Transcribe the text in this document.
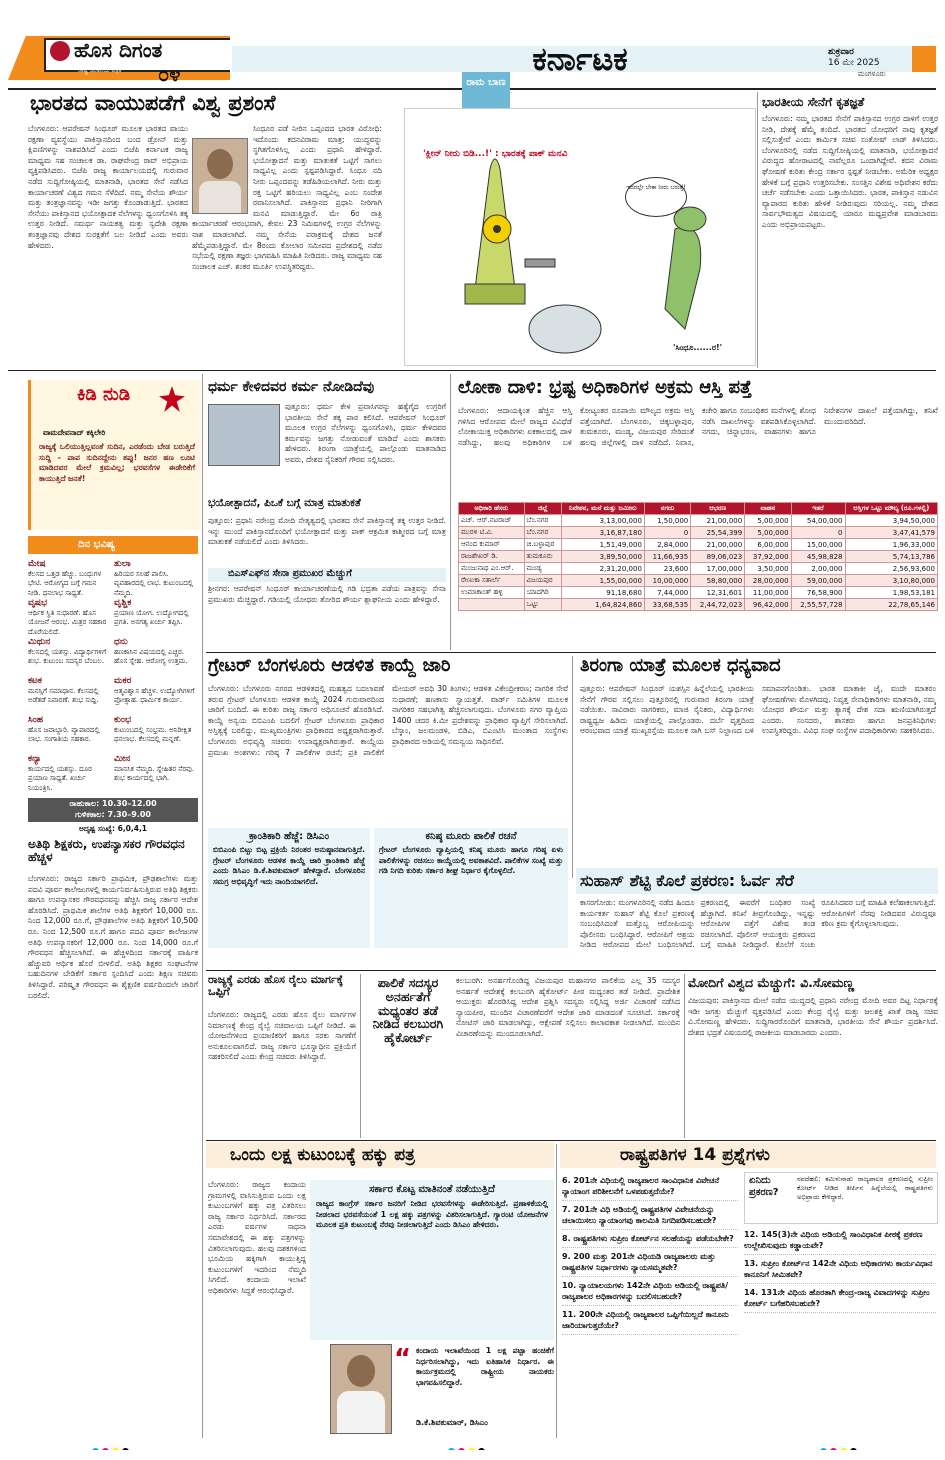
ಹೊಸ ದಿಗಂತ
ರಾಷ್ಟ್ರ ಚಿಂತನೆಯ ಪತ್ರಿಕೆ ೦೪	ಕರ್ನಾಟಕ	ಶುಕ್ರವಾರ
16 ಮೇ 2025
ಮಂಗಳೂರು
ಭಾರತದ ವಾಯುಪಡೆಗೆ ವಿಶ್ವ ಪ್ರಶಂಸೆ
ಬೆಂಗಳೂರು: ಆಪರೇಷನ್ ಸಿಂಧೂರ್ ಮೂಲಕ ಭಾರತದ ವಾಯು ರಕ್ಷಣಾ ವ್ಯವಸ್ಥೆಯು ಪಾಕಿಸ್ತಾನದಿಂದ ಬಂದ ಡ್ರೋನ್ ಮತ್ತು ಕ್ಷಿಪಣಿಗಳನ್ನು ನಾಶಪಡಿಸಿದೆ ಎಂದು ಬಿಜೆಪಿ ಕರ್ನಾಟಕ ರಾಜ್ಯ ಮಾಧ್ಯಮ ಸಹ ಸಂಚಾಲಕ ಡಾ. ರಾಘವೇಂದ್ರ ರಾವ್ ಅಭಿಪ್ರಾಯ ವ್ಯಕ್ತಿಪಡಿಸಿದರು. ಬಿಜೆಪಿ ರಾಜ್ಯ ಕಾರ್ಯಾಲಯದಲ್ಲಿ ಗುರುವಾರ ನಡೆದ ಸುದ್ದಿಗೋಷ್ಠಿಯಲ್ಲಿ ಮಾತನಾಡಿ, ಭಾರತದ ಸೇನೆ ನಡೆಸಿದ ಕಾರ್ಯಾಚರಣೆ ವಿಶ್ವದ ಗಮನ ಸೆಳೆದಿದೆ. ನಮ್ಮ ಸೇನೆಯ ಶೌರ್ಯ ಮತ್ತು ತಂತ್ರಜ್ಞಾನವನ್ನು ಇಡೀ ಜಗತ್ತು ಕೊಂಡಾಡುತ್ತಿದೆ. ಭಾರತದ ಸೇನೆಯು ಪಾಕಿಸ್ತಾನದ ಭಯೋತ್ಪಾದಕ ನೆಲೆಗಳನ್ನು ಧ್ವಂಸಗೊಳಿಸಿ ತಕ್ಕ ಉತ್ತರ ನೀಡಿದೆ. ಸಮರ್ಥ ನಾಯಕತ್ವ ಮತ್ತು ಸ್ವದೇಶಿ ರಕ್ಷಣಾ ತಂತ್ರಜ್ಞಾನವು ದೇಶದ ಸುರಕ್ಷತೆಗೆ ಬಲ ನೀಡಿದೆ ಎಂದು ಅವರು ಹೇಳಿದರು.
ಸಿಂಧೂರ ಪಡೆ ನೀರಿನ ಒಪ್ಪಂದದ ಭಾರತ ವಿರೋಧಿ: ಇದೊಂದು ಕದನವಿರಾಮ ಮಾತ್ರ; ಯುದ್ಧವನ್ನು ಸ್ಥಗಿತಗೊಳಿಸಿಲ್ಲ ಎಂದು ಪ್ರಧಾನಿ ಹೇಳಿದ್ದಾರೆ. ಭಯೋತ್ಪಾದನೆ ಮತ್ತು ಮಾತುಕತೆ ಒಟ್ಟಿಗೆ ಸಾಗಲು ಸಾಧ್ಯವಿಲ್ಲ ಎಂದು ಸ್ಪಷ್ಟಪಡಿಸಿದ್ದಾರೆ. ಸಿಂಧೂ ನದಿ ನೀರು ಒಪ್ಪಂದವನ್ನು ತಡೆಹಿಡಿಯಲಾಗಿದೆ. ನೀರು ಮತ್ತು ರಕ್ತ ಒಟ್ಟಿಗೆ ಹರಿಯಲು ಸಾಧ್ಯವಿಲ್ಲ ಎಂಬ ಸಂದೇಶ ರವಾನಿಸಲಾಗಿದೆ. ಪಾಕಿಸ್ತಾನದ ಪ್ರಧಾನಿ ನೀರಿಗಾಗಿ ಮನವಿ ಮಾಡುತ್ತಿದ್ದಾರೆ. ಮೇ 6ರ ರಾತ್ರಿ ಕಾರ್ಯಾಚರಣೆ ಆರಂಭವಾಗಿ, ಕೇವಲ 23 ನಿಮಿಷಗಳಲ್ಲಿ ಉಗ್ರರ ನೆಲೆಗಳನ್ನು ನಾಶ ಮಾಡಲಾಗಿದೆ. ನಮ್ಮ ಸೇನೆಯ ಪರಾಕ್ರಮಕ್ಕೆ ದೇಶದ ಜನತೆ ಹೆಮ್ಮೆಪಡುತ್ತಿದ್ದಾರೆ. ಮೇ 8ರಂದು ಕೋಲಾರ ಸಮೀಪದ ಪ್ರದೇಶದಲ್ಲಿ ನಡೆದ ಸಭೆಯಲ್ಲಿ ರಕ್ಷಣಾ ತಜ್ಞರು ಭಾಗವಹಿಸಿ ಮಾಹಿತಿ ನೀಡಿದರು. ರಾಜ್ಯ ಮಾಧ್ಯಮ ಸಹ ಸಂಚಾಲಕ ಎಚ್. ಶಂಕರ ಮೂರ್ತಿ ಉಪಸ್ಥಿತರಿದ್ದರು.
ರಾಮ ಬಾಣ
'ಕ್ಲೀನ್ ನೀರು ಬಿಡಿ...!' : ಭಾರತಕ್ಕೆ ಪಾಕ್ ಮನವಿ
ಇದರಲ್ಲೇ ಬೇಕಾ ನೀರು ಬರುತ್ತೆ!
'ಸಿಂಧೂ......ರ!'
ಭಾರತೀಯ ಸೇನೆಗೆ ಕೃತಜ್ಞತೆ
ಬೆಂಗಳೂರು: ನಮ್ಮ ಭಾರತದ ಸೇನೆಗೆ ಪಾಕಿಸ್ತಾನದ ಉಗ್ರರ ದಾಳಿಗೆ ಉತ್ತರ ನೀಡಿ, ದೇಶಕ್ಕೆ ಹೆಮ್ಮೆ ತಂದಿದೆ. ಭಾರತದ ಯೋಧರಿಗೆ ನಾವು ಕೃತಜ್ಞತೆ ಸಲ್ಲಿಸುತ್ತೇವೆ ಎಂದು ಕಾರ್ಮಿಕ ಸಚಿವ ಸಂತೋಷ್ ಲಾಡ್ ತಿಳಿಸಿದರು. ಬೆಂಗಳೂರಿನಲ್ಲಿ ನಡೆದ ಸುದ್ದಿಗೋಷ್ಠಿಯಲ್ಲಿ ಮಾತನಾಡಿ, ಭಯೋತ್ಪಾದನೆ ವಿರುದ್ಧದ ಹೋರಾಟದಲ್ಲಿ ನಾವೆಲ್ಲರೂ ಒಂದಾಗಿದ್ದೇವೆ. ಕದನ ವಿರಾಮ ಘೋಷಣೆ ಕುರಿತು ಕೇಂದ್ರ ಸರ್ಕಾರ ಸ್ಪಷ್ಟತೆ ನೀಡಬೇಕು. ಅಮೆರಿಕ ಅಧ್ಯಕ್ಷರ ಹೇಳಿಕೆ ಬಗ್ಗೆ ಪ್ರಧಾನಿ ಉತ್ತರಿಸಬೇಕು. ಸಂಸತ್ತಿನ ವಿಶೇಷ ಅಧಿವೇಶನ ಕರೆದು ಚರ್ಚೆ ನಡೆಸಬೇಕು ಎಂದು ಒತ್ತಾಯಿಸಿದರು. ಭಾರತ, ಪಾಕಿಸ್ತಾನ ನಡುವಿನ ವ್ಯಾಪಾರದ ಕುರಿತು ಹೇಳಿಕೆ ನೀಡಿರುವುದು ಸರಿಯಲ್ಲ. ನಮ್ಮ ದೇಶದ ಸಾರ್ವಭೌಮತ್ವದ ವಿಷಯದಲ್ಲಿ ಯಾರೂ ಮಧ್ಯಪ್ರವೇಶ ಮಾಡಬಾರದು ಎಂದು ಅಭಿಪ್ರಾಯಪಟ್ಟರು.
ಕಿಡಿ ನುಡಿ
ವಾಮದೇವನಾದ್ ಕಕ್ಕಿಲೇರಿ
ರಾಜ್ಯಕ್ಕೆ ಒಲಿಯುತ್ತಿಲ್ಲವಂತೆ ಸುದಿನ, ಎರಡೆಂದು ಬೇಡ ಬರುತ್ತಿದೆ ಸುದ್ದಿ – ಪಾಪ ಸುದಿನದ್ದೇನು ತಪ್ಪು! ಜನರ ಹಣ ಲೂಟಿ ಮಾಡಿದವರ ಮೇಲೆ ಕ್ರಮವಿಲ್ಲ; ಭರವಸೆಗಳ ಈಡೇರಿಕೆಗೆ ಕಾಯುತ್ತಿದೆ ಜನತೆ!
ದಿನ ಭವಿಷ್ಯ
ಮೇಷ
ಕೆಲಸದ ಒತ್ತಡ ಹೆಚ್ಚು. ಬಂಧುಗಳ ಭೇಟಿ. ಆರೋಗ್ಯದ ಬಗ್ಗೆ ಗಮನ ನೀಡಿ. ಧನಲಾಭ ಸಾಧ್ಯತೆ.
ತುಲಾ
ಹಿರಿಯರ ಸಲಹೆ ಪಾಲಿಸಿ. ವ್ಯವಹಾರದಲ್ಲಿ ಲಾಭ. ಕುಟುಂಬದಲ್ಲಿ ನೆಮ್ಮದಿ.
ವೃಷಭ
ಆರ್ಥಿಕ ಸ್ಥಿತಿ ಸುಧಾರಣೆ. ಹೊಸ ಯೋಜನೆ ಆರಂಭ. ಮಿತ್ರರ ಸಹಕಾರ ದೊರೆಯಲಿದೆ.
ವೃಶ್ಚಿಕ
ಪ್ರಯಾಣ ಯೋಗ. ಉದ್ಯೋಗದಲ್ಲಿ ಪ್ರಗತಿ. ಅನಗತ್ಯ ಖರ್ಚು ತಪ್ಪಿಸಿ.
ಮಿಥುನ
ಕೆಲಸದಲ್ಲಿ ಯಶಸ್ಸು. ವಿದ್ಯಾರ್ಥಿಗಳಿಗೆ ಶುಭ. ಕುಟುಂಬ ಸದಸ್ಯರ ಬೆಂಬಲ.
ಧನು
ಹಣಕಾಸಿನ ವಿಷಯದಲ್ಲಿ ಎಚ್ಚರ. ಹೊಸ ಸ್ನೇಹ. ಆರೋಗ್ಯ ಉತ್ತಮ.
ಕಟಕ
ಮನಸ್ಸಿಗೆ ಸಮಾಧಾನ. ಕೆಲಸದಲ್ಲಿ ಅಡೆತಡೆ ನಿವಾರಣೆ. ಶುಭ ಸುದ್ದಿ.
ಮಕರ
ಆತ್ಮವಿಶ್ವಾಸ ಹೆಚ್ಚಳ. ಉದ್ಯೋಗಿಗಳಿಗೆ ಪ್ರೋತ್ಸಾಹ. ಧಾರ್ಮಿಕ ಕಾರ್ಯ.
ಸಿಂಹ
ಹೊಸ ಜವಾಬ್ದಾರಿ. ವ್ಯಾಪಾರದಲ್ಲಿ ಲಾಭ. ಸಂಗಾತಿಯ ಸಹಕಾರ.
ಕುಂಭ
ಕುಟುಂಬದಲ್ಲಿ ಸಂಭ್ರಮ. ಅನಿರೀಕ್ಷಿತ ಧನಲಾಭ. ಕೆಲಸದಲ್ಲಿ ಮನ್ನಣೆ.
ಕನ್ಯಾ
ಕಾರ್ಯದಲ್ಲಿ ಯಶಸ್ಸು. ದೂರ ಪ್ರಯಾಣ ಸಾಧ್ಯತೆ. ಖರ್ಚು ನಿಯಂತ್ರಿಸಿ.
ಮೀನ
ಮಾನಸಿಕ ನೆಮ್ಮದಿ. ಸ್ನೇಹಿತರ ನೆರವು. ಶುಭ ಕಾರ್ಯದಲ್ಲಿ ಭಾಗಿ.
ರಾಹುಕಾಲ: 10.30–12.00
ಗುಳಿಕಕಾಲ: 7.30–9.00
ಅದೃಷ್ಟ ಸಂಖ್ಯೆ: 6,0,4,1
ಅತಿಥಿ ಶಿಕ್ಷಕರು, ಉಪನ್ಯಾಸಕರ ಗೌರವಧನ ಹೆಚ್ಚಳ
ಬೆಂಗಳೂರು: ರಾಜ್ಯದ ಸರ್ಕಾರಿ ಪ್ರಾಥಮಿಕ, ಪ್ರೌಢಶಾಲೆಗಳು ಮತ್ತು ಪದವಿ ಪೂರ್ವ ಕಾಲೇಜುಗಳಲ್ಲಿ ಕಾರ್ಯನಿರ್ವಹಿಸುತ್ತಿರುವ ಅತಿಥಿ ಶಿಕ್ಷಕರು ಹಾಗೂ ಉಪನ್ಯಾಸಕರ ಗೌರವಧನವನ್ನು ಹೆಚ್ಚಿಸಿ ರಾಜ್ಯ ಸರ್ಕಾರ ಆದೇಶ ಹೊರಡಿಸಿದೆ. ಪ್ರಾಥಮಿಕ ಶಾಲೆಗಳ ಅತಿಥಿ ಶಿಕ್ಷಕರಿಗೆ 10,000 ರೂ. ನಿಂದ 12,000 ರೂ.ಗೆ, ಪ್ರೌಢಶಾಲೆಗಳ ಅತಿಥಿ ಶಿಕ್ಷಕರಿಗೆ 10,500 ರೂ. ನಿಂದ 12,500 ರೂ.ಗೆ ಹಾಗೂ ಪದವಿ ಪೂರ್ವ ಕಾಲೇಜುಗಳ ಅತಿಥಿ ಉಪನ್ಯಾಸಕರಿಗೆ 12,000 ರೂ. ನಿಂದ 14,000 ರೂ.ಗೆ ಗೌರವಧನ ಹೆಚ್ಚಿಸಲಾಗಿದೆ. ಈ ಹೆಚ್ಚಳದಿಂದ ಸರ್ಕಾರಕ್ಕೆ ವಾರ್ಷಿಕ ಹೆಚ್ಚುವರಿ ಆರ್ಥಿಕ ಹೊರೆ ಬೀಳಲಿದೆ. ಅತಿಥಿ ಶಿಕ್ಷಕರ ಸಂಘಟನೆಗಳ ಬಹುದಿನಗಳ ಬೇಡಿಕೆಗೆ ಸರ್ಕಾರ ಸ್ಪಂದಿಸಿದೆ ಎಂದು ಶಿಕ್ಷಣ ಸಚಿವರು ತಿಳಿಸಿದ್ದಾರೆ. ಪರಿಷ್ಕೃತ ಗೌರವಧನ ಈ ಶೈಕ್ಷಣಿಕ ವರ್ಷದಿಂದಲೇ ಜಾರಿಗೆ ಬರಲಿದೆ.
ಧರ್ಮ ಕೇಳಿದವರ ಕರ್ಮ ನೋಡಿದೆವು
ಪುತ್ತೂರು: ಧರ್ಮ ಕೇಳಿ ಪ್ರವಾಸಿಗರನ್ನು ಹತ್ಯೆಗೈದ ಉಗ್ರರಿಗೆ ಭಾರತೀಯ ಸೇನೆ ತಕ್ಕ ಪಾಠ ಕಲಿಸಿದೆ. ಆಪರೇಷನ್ ಸಿಂಧೂರ್ ಮೂಲಕ ಉಗ್ರರ ನೆಲೆಗಳನ್ನು ಧ್ವಂಸಗೊಳಿಸಿ, ಧರ್ಮ ಕೇಳಿದವರ ಕರ್ಮವನ್ನು ಜಗತ್ತು ನೋಡುವಂತೆ ಮಾಡಿದೆ ಎಂದು ಶಾಸಕರು ಹೇಳಿದರು. ತಿರಂಗಾ ಯಾತ್ರೆಯಲ್ಲಿ ಪಾಲ್ಗೊಂಡು ಮಾತನಾಡಿದ ಅವರು, ದೇಶದ ಸೈನಿಕರಿಗೆ ಗೌರವ ಸಲ್ಲಿಸಿದರು.
ಭಯೋತ್ಪಾದನೆ, ಪಿಒಕೆ ಬಗ್ಗೆ ಮಾತ್ರ ಮಾತುಕತೆ
ಪುತ್ತೂರು: ಪ್ರಧಾನಿ ನರೇಂದ್ರ ಮೋದಿ ನೇತೃತ್ವದಲ್ಲಿ ಭಾರತದ ಸೇನೆ ಪಾಕಿಸ್ತಾನಕ್ಕೆ ತಕ್ಕ ಉತ್ತರ ನೀಡಿದೆ. ಇನ್ನು ಮುಂದೆ ಪಾಕಿಸ್ತಾನದೊಂದಿಗೆ ಭಯೋತ್ಪಾದನೆ ಮತ್ತು ಪಾಕ್ ಆಕ್ರಮಿತ ಕಾಶ್ಮೀರದ ಬಗ್ಗೆ ಮಾತ್ರ ಮಾತುಕತೆ ನಡೆಯಲಿದೆ ಎಂದು ತಿಳಿಸಿದರು.
ಬಿಎಸ್ಎಫ್‌ನ ಸೇನಾ ಪ್ರಮುಖರ ಮೆಚ್ಚುಗೆ
ಶ್ರೀನಗರ: ಆಪರೇಷನ್ ಸಿಂಧೂರ್ ಕಾರ್ಯಾಚರಣೆಯಲ್ಲಿ ಗಡಿ ಭದ್ರತಾ ಪಡೆಯ ಪಾತ್ರವನ್ನು ಸೇನಾ ಪ್ರಮುಖರು ಮೆಚ್ಚಿದ್ದಾರೆ. ಗಡಿಯಲ್ಲಿ ಯೋಧರು ತೋರಿದ ಶೌರ್ಯ ಶ್ಲಾಘನೀಯ ಎಂದು ಹೇಳಿದ್ದಾರೆ.
ಲೋಕಾ ದಾಳಿ: ಭ್ರಷ್ಟ ಅಧಿಕಾರಿಗಳ ಅಕ್ರಮ ಆಸ್ತಿ ಪತ್ತೆ
ಬೆಂಗಳೂರು: ಆದಾಯಕ್ಕಿಂತ ಹೆಚ್ಚಿನ ಆಸ್ತಿ ಗಳಿಸಿದ ಆರೋಪದ ಮೇಲೆ ರಾಜ್ಯದ ವಿವಿಧೆಡೆ ಲೋಕಾಯುಕ್ತ ಅಧಿಕಾರಿಗಳು ಏಕಕಾಲದಲ್ಲಿ ದಾಳಿ ನಡೆಸಿದ್ದು, ಹಲವು ಅಧಿಕಾರಿಗಳ ಬಳಿ ಕೋಟ್ಯಂತರ ರೂಪಾಯಿ ಮೌಲ್ಯದ ಅಕ್ರಮ ಆಸ್ತಿ ಪತ್ತೆಯಾಗಿದೆ. ಬೆಂಗಳೂರು, ಚಿಕ್ಕಬಳ್ಳಾಪುರ, ತುಮಕೂರು, ಮಂಡ್ಯ, ವಿಜಯಪುರ ಸೇರಿದಂತೆ ಹಲವು ಜಿಲ್ಲೆಗಳಲ್ಲಿ ದಾಳಿ ನಡೆದಿದೆ. ನಿವಾಸ, ಕಚೇರಿ ಹಾಗೂ ಸಂಬಂಧಿಕರ ಮನೆಗಳಲ್ಲಿ ಶೋಧ ನಡೆಸಿ ದಾಖಲೆಗಳನ್ನು ವಶಪಡಿಸಿಕೊಳ್ಳಲಾಗಿದೆ. ನಗದು, ಚಿನ್ನಾಭರಣ, ವಾಹನಗಳು ಹಾಗೂ ನಿವೇಶನಗಳ ದಾಖಲೆ ಪತ್ತೆಯಾಗಿದ್ದು, ತನಿಖೆ ಮುಂದುವರಿದಿದೆ.
ಅಧಿಕಾರಿ ಹೆಸರು	ಜಿಲ್ಲೆ	ನಿವೇಶನ, ಮನೆ ಮತ್ತು ಜಮೀನು	ನಗದು	ಆಭರಣ	ವಾಹನ	ಇತರೆ	ಆಸ್ತಿಗಳ ಒಟ್ಟು ಮೌಲ್ಯ (ರೂ.ಗಳಲ್ಲಿ)
ಎಚ್. ಆರ್.ನಟರಾಜ್	ಬೆಂ.ನಗರ	3,13,00,000	1,50,000	21,00,000	5,00,000	54,00,000	3,94,50,000
ಮುರಳಿ ಟಿ.ವಿ.	ಬೆಂ.ನಗರ	3,16,87,180	0	25,54,399	5,00,000	0	3,47,41,579
ಆನಂದ ಕುಮಾರ್	ಚಿ.ಬಳ್ಳಾಪುರ	1,51,49,000	2,84,000	21,00,000	6,00,000	15,00,000	1,96,33,000
ರಾಜಶೇಖರ್ ಡಿ.	ತುಮಕೂರು	3,89,50,000	11,66,935	89,06,023	37,92,000	45,98,828	5,74,13,786
ಮಂಜುನಾಥ ಎಂ.ಆರ್.	ಮಂಡ್ಯ	2,31,20,000	23,600	17,00,000	3,50,000	2,00,000	2,56,93,600
ರೇಣುಕಾ ಸತಾರ್ಲೆ	ವಿಜಯಪುರ	1,55,00,000	10,00,000	58,80,000	28,00,000	59,00,000	3,10,80,000
ಉಮಾಕಾಂತ್ ಹಳ್ಳಿ	ಯಾದಗಿರಿ	91,18,680	7,44,000	12,31,601	11,00,000	76,58,900	1,98,53,181
	ಒಟ್ಟು	1,64,824,860	33,68,535	2,44,72,023	96,42,000	2,55,57,728	22,78,65,146
ಗ್ರೇಟರ್ ಬೆಂಗಳೂರು ಆಡಳಿತ ಕಾಯ್ದೆ ಜಾರಿ
ಬೆಂಗಳೂರು: ಬೆಂಗಳೂರು ನಗರದ ಆಡಳಿತದಲ್ಲಿ ಮಹತ್ವದ ಬದಲಾವಣೆ ತರುವ ಗ್ರೇಟರ್ ಬೆಂಗಳೂರು ಆಡಳಿತ ಕಾಯ್ದೆ 2024 ಗುರುವಾರದಿಂದ ಜಾರಿಗೆ ಬಂದಿದೆ. ಈ ಕುರಿತು ರಾಜ್ಯ ಸರ್ಕಾರ ಅಧಿಸೂಚನೆ ಹೊರಡಿಸಿದೆ. ಕಾಯ್ದೆ ಅನ್ವಯ ಬಿಬಿಎಂಪಿ ಬದಲಿಗೆ ಗ್ರೇಟರ್ ಬೆಂಗಳೂರು ಪ್ರಾಧಿಕಾರ ಅಸ್ತಿತ್ವಕ್ಕೆ ಬರಲಿದ್ದು, ಮುಖ್ಯಮಂತ್ರಿಗಳು ಪ್ರಾಧಿಕಾರದ ಅಧ್ಯಕ್ಷರಾಗಿರುತ್ತಾರೆ. ಬೆಂಗಳೂರು ಅಭಿವೃದ್ಧಿ ಸಚಿವರು ಉಪಾಧ್ಯಕ್ಷರಾಗಿರುತ್ತಾರೆ. ಕಾಯ್ದೆಯ ಪ್ರಮುಖ ಅಂಶಗಳು: ಗರಿಷ್ಠ 7 ಪಾಲಿಕೆಗಳ ರಚನೆ; ಪ್ರತಿ ಪಾಲಿಕೆಗೆ ಮೇಯರ್ ಅವಧಿ 30 ತಿಂಗಳು; ಆಡಳಿತ ವಿಕೇಂದ್ರೀಕರಣ; ನಾಗರಿಕ ಸೇವೆ ಸುಧಾರಣೆ; ಹಣಕಾಸು ಸ್ವಾಯತ್ತತೆ. ವಾರ್ಡ್ ಸಮಿತಿಗಳ ಮೂಲಕ ನಾಗರಿಕರ ಸಹಭಾಗಿತ್ವ ಹೆಚ್ಚಿಸಲಾಗುವುದು. ಬೆಂಗಳೂರು ನಗರ ವ್ಯಾಪ್ತಿಯ 1400 ಚದರ ಕಿ.ಮೀ ಪ್ರದೇಶವನ್ನು ಪ್ರಾಧಿಕಾರ ವ್ಯಾಪ್ತಿಗೆ ಸೇರಿಸಲಾಗಿದೆ. ಬೆಸ್ಕಾಂ, ಜಲಮಂಡಳಿ, ಬಿಡಿಎ, ಬಿಎಂಟಿಸಿ ಮುಂತಾದ ಸಂಸ್ಥೆಗಳು ಪ್ರಾಧಿಕಾರದ ಅಡಿಯಲ್ಲಿ ಸಮನ್ವಯ ಸಾಧಿಸಲಿವೆ.
ಕ್ರಾಂತಿಕಾರಿ ಹೆಜ್ಜೆ: ಡಿಸಿಎಂ
ಬಿಬಿಎಂಪಿ ಬಿಟ್ಟು ಬಿಟ್ಟ ಪ್ರಕ್ರಿಯೆ ನಿರಂತರ ಅನುಷ್ಠಾನವಾಗುತ್ತಿದೆ. ಗ್ರೇಟರ್ ಬೆಂಗಳೂರು ಆಡಳಿತ ಕಾಯ್ದೆ ಜಾರಿ ಕ್ರಾಂತಿಕಾರಿ ಹೆಜ್ಜೆ ಎಂದು ಡಿಸಿಎಂ ಡಿ.ಕೆ.ಶಿವಕುಮಾರ್ ಹೇಳಿದ್ದಾರೆ. ಬೆಂಗಳೂರಿನ ಸಮಗ್ರ ಅಭಿವೃದ್ಧಿಗೆ ಇದು ನಾಂದಿಯಾಗಲಿದೆ.
ಕನಿಷ್ಠ ಮೂರು ಪಾಲಿಕೆ ರಚನೆ
ಗ್ರೇಟರ್ ಬೆಂಗಳೂರು ವ್ಯಾಪ್ತಿಯಲ್ಲಿ ಕನಿಷ್ಠ ಮೂರು ಹಾಗೂ ಗರಿಷ್ಠ ಏಳು ಪಾಲಿಕೆಗಳನ್ನು ರಚಿಸಲು ಕಾಯ್ದೆಯಲ್ಲಿ ಅವಕಾಶವಿದೆ. ಪಾಲಿಕೆಗಳ ಸಂಖ್ಯೆ ಮತ್ತು ಗಡಿ ನಿಗದಿ ಕುರಿತು ಸರ್ಕಾರ ಶೀಘ್ರ ನಿರ್ಧಾರ ಕೈಗೊಳ್ಳಲಿದೆ.
ತಿರಂಗಾ ಯಾತ್ರೆ ಮೂಲಕ ಧನ್ಯವಾದ
ಪುತ್ತೂರು: ಆಪರೇಷನ್ ಸಿಂಧೂರ್ ಯಶಸ್ಸಿನ ಹಿನ್ನೆಲೆಯಲ್ಲಿ ಭಾರತೀಯ ಸೇನೆಗೆ ಗೌರವ ಸಲ್ಲಿಸಲು ಪುತ್ತೂರಿನಲ್ಲಿ ಗುರುವಾರ ತಿರಂಗಾ ಯಾತ್ರೆ ನಡೆಯಿತು. ಸಾವಿರಾರು ನಾಗರಿಕರು, ಮಾಜಿ ಸೈನಿಕರು, ವಿದ್ಯಾರ್ಥಿಗಳು ರಾಷ್ಟ್ರಧ್ವಜ ಹಿಡಿದು ಯಾತ್ರೆಯಲ್ಲಿ ಪಾಲ್ಗೊಂಡರು. ದರ್ಬೆ ವೃತ್ತದಿಂದ ಆರಂಭವಾದ ಯಾತ್ರೆ ಮುಖ್ಯರಸ್ತೆಯ ಮೂಲಕ ಸಾಗಿ ಬಸ್ ನಿಲ್ದಾಣದ ಬಳಿ ಸಮಾಪನಗೊಂಡಿತು. ಭಾರತ ಮಾತಾಕೀ ಜೈ, ವಂದೇ ಮಾತರಂ ಘೋಷಣೆಗಳು ಮೊಳಗಿದವು. ನಿವೃತ್ತ ಸೇನಾಧಿಕಾರಿಗಳು ಮಾತನಾಡಿ, ನಮ್ಮ ಯೋಧರ ಶೌರ್ಯ ಮತ್ತು ತ್ಯಾಗಕ್ಕೆ ದೇಶ ಸದಾ ಋಣಿಯಾಗಿರುತ್ತದೆ ಎಂದರು. ಸಂಸದರು, ಶಾಸಕರು ಹಾಗೂ ಜನಪ್ರತಿನಿಧಿಗಳು ಉಪಸ್ಥಿತರಿದ್ದರು. ವಿವಿಧ ಸಂಘ ಸಂಸ್ಥೆಗಳ ಪದಾಧಿಕಾರಿಗಳು ಸಹಕರಿಸಿದರು.
ಸುಹಾಸ್ ಶೆಟ್ಟಿ ಕೊಲೆ ಪ್ರಕರಣ: ಓರ್ವ ಸೆರೆ
ಕಾಸರಗೋಡು: ಮಂಗಳೂರಿನಲ್ಲಿ ನಡೆದ ಹಿಂದೂ ಕಾರ್ಯಕರ್ತ ಸುಹಾಸ್ ಶೆಟ್ಟಿ ಕೊಲೆ ಪ್ರಕರಣಕ್ಕೆ ಸಂಬಂಧಿಸಿದಂತೆ ಮತ್ತೊಬ್ಬ ಆರೋಪಿಯನ್ನು ಪೊಲೀಸರು ಬಂಧಿಸಿದ್ದಾರೆ. ಆರೋಪಿಗೆ ಆಶ್ರಯ ನೀಡಿದ ಆರೋಪದ ಮೇಲೆ ಬಂಧಿಸಲಾಗಿದೆ. ಪ್ರಕರಣದಲ್ಲಿ ಈವರೆಗೆ ಬಂಧಿತರ ಸಂಖ್ಯೆ ಹೆಚ್ಚಾಗಿದೆ. ತನಿಖೆ ತೀವ್ರಗೊಂಡಿದ್ದು, ಇನ್ನಷ್ಟು ಆರೋಪಿಗಳ ಪತ್ತೆಗೆ ವಿಶೇಷ ತಂಡ ರಚಿಸಲಾಗಿದೆ. ಪೊಲೀಸ್ ಆಯುಕ್ತರು ಪ್ರಕರಣದ ಬಗ್ಗೆ ಮಾಹಿತಿ ನೀಡಿದ್ದಾರೆ. ಕೊಲೆಗೆ ಸಂಚು ರೂಪಿಸಿದವರ ಬಗ್ಗೆ ಮಾಹಿತಿ ಕಲೆಹಾಕಲಾಗುತ್ತಿದೆ. ಆರೋಪಿಗಳಿಗೆ ನೆರವು ನೀಡಿದವರ ವಿರುದ್ಧವೂ ಕಠಿಣ ಕ್ರಮ ಕೈಗೊಳ್ಳಲಾಗುವುದು.
ರಾಜ್ಯಕ್ಕೆ ಎರಡು ಹೊಸ ರೈಲು ಮಾರ್ಗಕ್ಕೆ ಒಪ್ಪಿಗೆ
ಬೆಂಗಳೂರು: ರಾಜ್ಯದಲ್ಲಿ ಎರಡು ಹೊಸ ರೈಲು ಮಾರ್ಗಗಳ ನಿರ್ಮಾಣಕ್ಕೆ ಕೇಂದ್ರ ರೈಲ್ವೆ ಸಚಿವಾಲಯ ಒಪ್ಪಿಗೆ ನೀಡಿದೆ. ಈ ಯೋಜನೆಗಳಿಂದ ಪ್ರಯಾಣಿಕರಿಗೆ ಹಾಗೂ ಸರಕು ಸಾಗಣೆಗೆ ಅನುಕೂಲವಾಗಲಿದೆ. ರಾಜ್ಯ ಸರ್ಕಾರ ಭೂಸ್ವಾಧೀನ ಪ್ರಕ್ರಿಯೆಗೆ ಸಹಕರಿಸಲಿದೆ ಎಂದು ಕೇಂದ್ರ ಸಚಿವರು ತಿಳಿಸಿದ್ದಾರೆ.
ಪಾಲಿಕೆ ಸದಸ್ಯರ ಅನರ್ಹತೆಗೆ ಮಧ್ಯಂತರ ತಡೆ ನೀಡಿದ ಕಲಬುರಗಿ ಹೈಕೋರ್ಟ್
ಕಲಬುರಗಿ: ಅನರ್ಹಗೊಂಡಿದ್ದ ವಿಜಯಪುರ ಮಹಾನಗರ ಪಾಲಿಕೆಯ ಎಲ್ಲ 35 ಸದಸ್ಯರ ಅನರ್ಹತೆ ಆದೇಶಕ್ಕೆ ಕಲಬುರಗಿ ಹೈಕೋರ್ಟ್ ಪೀಠ ಮಧ್ಯಂತರ ತಡೆ ನೀಡಿದೆ. ಪ್ರಾದೇಶಿಕ ಆಯುಕ್ತರು ಹೊರಡಿಸಿದ್ದ ಆದೇಶ ಪ್ರಶ್ನಿಸಿ ಸದಸ್ಯರು ಸಲ್ಲಿಸಿದ್ದ ಅರ್ಜಿ ವಿಚಾರಣೆ ನಡೆಸಿದ ನ್ಯಾಯಪೀಠ, ಮುಂದಿನ ವಿಚಾರಣೆವರೆಗೆ ಆದೇಶ ಜಾರಿ ಮಾಡದಂತೆ ಸೂಚಿಸಿದೆ. ಸರ್ಕಾರಕ್ಕೆ ನೋಟಿಸ್ ಜಾರಿ ಮಾಡಲಾಗಿದ್ದು, ಆಕ್ಷೇಪಣೆ ಸಲ್ಲಿಸಲು ಕಾಲಾವಕಾಶ ನೀಡಲಾಗಿದೆ. ಮುಂದಿನ ವಿಚಾರಣೆಯನ್ನು ಮುಂದೂಡಲಾಗಿದೆ.
ಮೋದಿಗೆ ವಿಶ್ವದ ಮೆಚ್ಚುಗೆ: ವಿ.ಸೋಮಣ್ಣ
ವಿಜಯಪುರ: ಪಾಕಿಸ್ತಾನದ ಮೇಲೆ ನಡೆದ ಯುದ್ಧದಲ್ಲಿ ಪ್ರಧಾನಿ ನರೇಂದ್ರ ಮೋದಿ ಅವರ ದಿಟ್ಟ ನಿರ್ಧಾರಕ್ಕೆ ಇಡೀ ಜಗತ್ತು ಮೆಚ್ಚುಗೆ ವ್ಯಕ್ತಪಡಿಸಿದೆ ಎಂದು ಕೇಂದ್ರ ರೈಲ್ವೆ ಮತ್ತು ಜಲಶಕ್ತಿ ಖಾತೆ ರಾಜ್ಯ ಸಚಿವ ವಿ.ಸೋಮಣ್ಣ ಹೇಳಿದರು. ಸುದ್ದಿಗಾರರೊಂದಿಗೆ ಮಾತನಾಡಿ, ಭಾರತೀಯ ಸೇನೆ ಶೌರ್ಯ ಪ್ರದರ್ಶಿಸಿದೆ. ದೇಶದ ಭದ್ರತೆ ವಿಷಯದಲ್ಲಿ ರಾಜಕೀಯ ಮಾಡಬಾರದು ಎಂದರು.
ಒಂದು ಲಕ್ಷ ಕುಟುಂಬಕ್ಕೆ ಹಕ್ಕು ಪತ್ರ
ಬೆಂಗಳೂರು: ರಾಜ್ಯದ ಕಂದಾಯ ಗ್ರಾಮಗಳಲ್ಲಿ ವಾಸಿಸುತ್ತಿರುವ ಒಂದು ಲಕ್ಷ ಕುಟುಂಬಗಳಿಗೆ ಹಕ್ಕು ಪತ್ರ ವಿತರಿಸಲು ರಾಜ್ಯ ಸರ್ಕಾರ ನಿರ್ಧರಿಸಿದೆ. ಸರ್ಕಾರದ ಎರಡು ವರ್ಷಗಳ ಸಾಧನಾ ಸಮಾವೇಶದಲ್ಲಿ ಈ ಹಕ್ಕು ಪತ್ರಗಳನ್ನು ವಿತರಿಸಲಾಗುವುದು. ಹಲವು ದಶಕಗಳಿಂದ ಭೂಮಿಯ ಹಕ್ಕಿಗಾಗಿ ಕಾಯುತ್ತಿದ್ದ ಕುಟುಂಬಗಳಿಗೆ ಇದರಿಂದ ನೆಮ್ಮದಿ ಸಿಗಲಿದೆ. ಕಂದಾಯ ಇಲಾಖೆ ಅಧಿಕಾರಿಗಳು ಸಿದ್ಧತೆ ಆರಂಭಿಸಿದ್ದಾರೆ.
ಸರ್ಕಾರ ಕೊಟ್ಟ ಮಾತಿನಂತೆ ನಡೆಯುತ್ತಿದೆ
ರಾಜ್ಯದ ಕಾಂಗ್ರೆಸ್ ಸರ್ಕಾರ ಜನರಿಗೆ ನೀಡಿದ ಭರವಸೆಗಳನ್ನು ಈಡೇರಿಸುತ್ತಿದೆ. ಪ್ರಣಾಳಿಕೆಯಲ್ಲಿ ನೀಡಲಾದ ಭರವಸೆಯಂತೆ 1 ಲಕ್ಷ ಹಕ್ಕು ಪತ್ರಗಳನ್ನು ವಿತರಿಸಲಾಗುತ್ತಿದೆ. ಗ್ಯಾರಂಟಿ ಯೋಜನೆಗಳ ಮೂಲಕ ಪ್ರತಿ ಕುಟುಂಬಕ್ಕೆ ನೆರವು ನೀಡಲಾಗುತ್ತಿದೆ ಎಂದು ಡಿಸಿಎಂ ಹೇಳಿದರು.
“ ಕಂದಾಯ ಇಲಾಖೆಯಿಂದ 1 ಲಕ್ಷ ಪಟ್ಟಾ ಹಂಚಿಕೆಗೆ ನಿರ್ಧರಿಸಲಾಗಿದ್ದು, ಇದು ಐತಿಹಾಸಿಕ ನಿರ್ಧಾರ. ಈ ಕಾರ್ಯಕ್ರಮದಲ್ಲಿ ರಾಷ್ಟ್ರೀಯ ನಾಯಕರು ಭಾಗವಹಿಸಲಿದ್ದಾರೆ.
ಡಿ.ಕೆ.ಶಿವಕುಮಾರ್, ಡಿಸಿಎಂ
ರಾಷ್ಟ್ರಪತಿಗಳ 14 ಪ್ರಶ್ನೆಗಳು
6. 201ನೇ ವಿಧಿಯಲ್ಲಿ ರಾಜ್ಯಪಾಲರ ಸಾಂವಿಧಾನಿಕ ವಿವೇಚನೆ ನ್ಯಾಯಾಂಗ ಪರಿಶೀಲನೆಗೆ ಒಳಪಡುತ್ತದೆಯೇ?
7. 201ನೇ ವಿಧಿ ಅಡಿಯಲ್ಲಿ ರಾಷ್ಟ್ರಪತಿಗಳ ವಿವೇಚನೆಯನ್ನು ಚಲಾಯಿಸಲು ನ್ಯಾಯಾಂಗವು ಕಾಲಮಿತಿ ನಿಗದಿಪಡಿಸಬಹುದೇ?
8. ರಾಷ್ಟ್ರಪತಿಗಳು ಸುಪ್ರೀಂ ಕೋರ್ಟ್‌ನ ಸಲಹೆಯನ್ನು ಪಡೆಯಬೇಕೇ?
9. 200 ಮತ್ತು 201ನೇ ವಿಧಿಯಡಿ ರಾಜ್ಯಪಾಲರು ಮತ್ತು ರಾಷ್ಟ್ರಪತಿಗಳ ನಿರ್ಧಾರಗಳು ನ್ಯಾಯಸಮ್ಮತವೇ?
10. ನ್ಯಾಯಾಲಯಗಳು 142ನೇ ವಿಧಿಯ ಅಡಿಯಲ್ಲಿ ರಾಷ್ಟ್ರಪತಿ/ರಾಜ್ಯಪಾಲರ ಅಧಿಕಾರಗಳನ್ನು ಬದಲಿಸಬಹುದೇ?
11. 200ನೇ ವಿಧಿಯಲ್ಲಿ ರಾಜ್ಯಪಾಲರ ಒಪ್ಪಿಗೆಯಿಲ್ಲದೆ ಕಾನೂನು ಜಾರಿಯಾಗುತ್ತದೆಯೇ?
ಏನಿದು ಪ್ರಕರಣ?
ನವದೆಹಲಿ: ತಮಿಳುನಾಡು ರಾಜ್ಯಪಾಲರ ಪ್ರಕರಣದಲ್ಲಿ ಸುಪ್ರೀಂ ಕೋರ್ಟ್ ನೀಡಿದ ತೀರ್ಪಿನ ಹಿನ್ನೆಲೆಯಲ್ಲಿ ರಾಷ್ಟ್ರಪತಿಗಳು ಅಭಿಪ್ರಾಯ ಕೇಳಿದ್ದಾರೆ.
12. 145(3)ನೇ ವಿಧಿಯ ಅಡಿಯಲ್ಲಿ ಸಾಂವಿಧಾನಿಕ ಪೀಠಕ್ಕೆ ಪ್ರಕರಣ ಉಲ್ಲೇಖಿಸುವುದು ಕಡ್ಡಾಯವೇ?
13. ಸುಪ್ರೀಂ ಕೋರ್ಟ್‌ನ 142ನೇ ವಿಧಿಯ ಅಧಿಕಾರಗಳು ಕಾರ್ಯವಿಧಾನ ಕಾನೂನಿಗೆ ಸೀಮಿತವೇ?
14. 131ನೇ ವಿಧಿಯ ಹೊರತಾಗಿ ಕೇಂದ್ರ-ರಾಜ್ಯ ವಿವಾದಗಳನ್ನು ಸುಪ್ರೀಂ ಕೋರ್ಟ್ ಬಗೆಹರಿಸಬಹುದೇ?
